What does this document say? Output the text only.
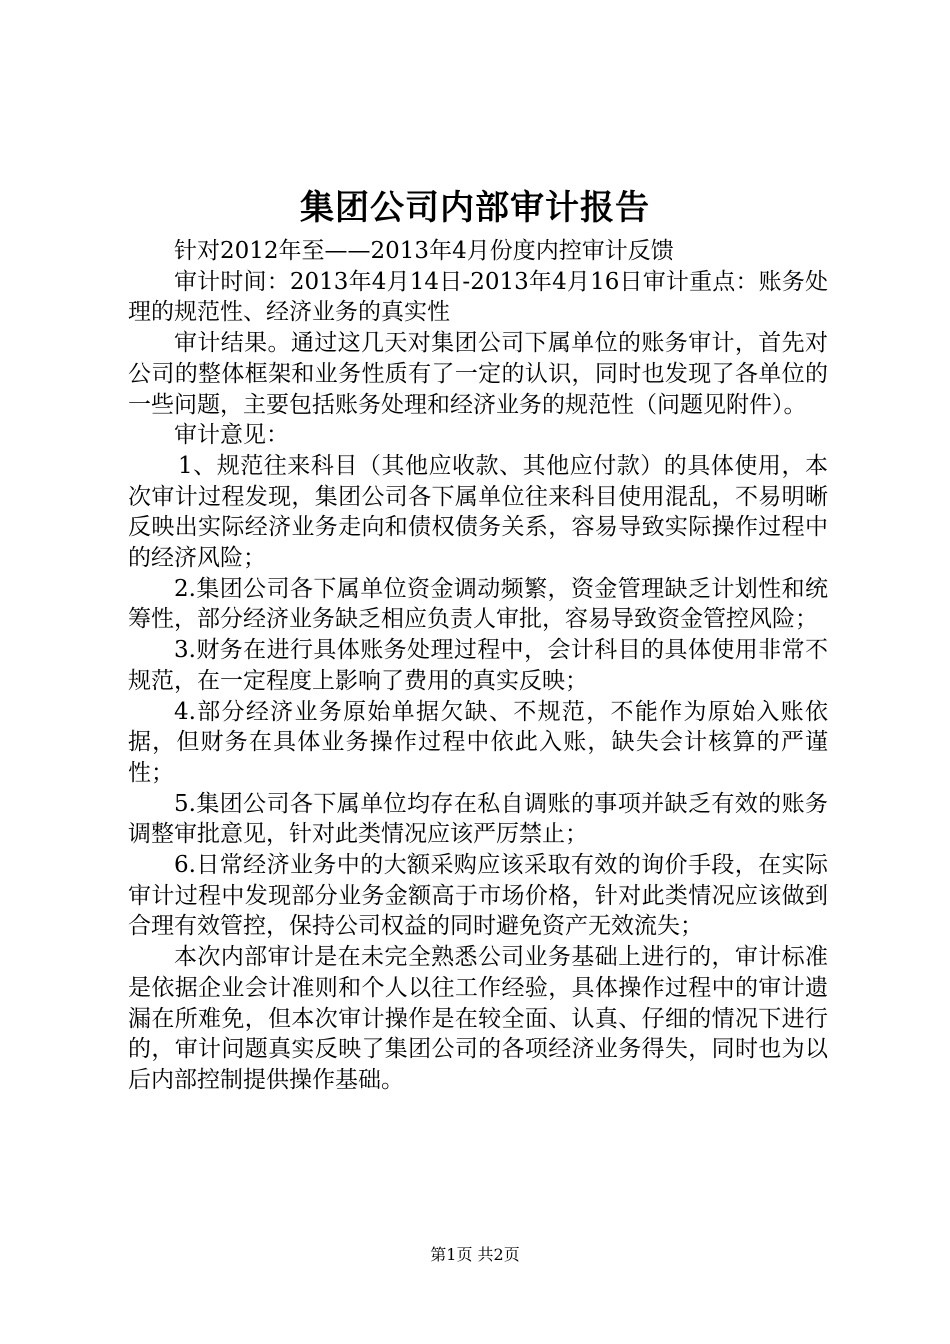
集团公司内部审计报告

针对2012年至——2013年4月份度内控审计反馈

审计时间：2013年4月14日-2013年4月16日审计重点：账务处理的规范性、经济业务的真实性

审计结果。通过这几天对集团公司下属单位的账务审计，首先对公司的整体框架和业务性质有了一定的认识，同时也发现了各单位的一些问题，主要包括账务处理和经济业务的规范性（问题见附件）。

审计意见：

1、规范往来科目（其他应收款、其他应付款）的具体使用，本次审计过程发现，集团公司各下属单位往来科目使用混乱，不易明晰反映出实际经济业务走向和债权债务关系，容易导致实际操作过程中的经济风险；

2.集团公司各下属单位资金调动频繁，资金管理缺乏计划性和统筹性，部分经济业务缺乏相应负责人审批，容易导致资金管控风险；

3.财务在进行具体账务处理过程中，会计科目的具体使用非常不规范，在一定程度上影响了费用的真实反映；

4.部分经济业务原始单据欠缺、不规范，不能作为原始入账依据，但财务在具体业务操作过程中依此入账，缺失会计核算的严谨性；

5.集团公司各下属单位均存在私自调账的事项并缺乏有效的账务调整审批意见，针对此类情况应该严厉禁止；

6.日常经济业务中的大额采购应该采取有效的询价手段，在实际审计过程中发现部分业务金额高于市场价格，针对此类情况应该做到合理有效管控，保持公司权益的同时避免资产无效流失；

本次内部审计是在未完全熟悉公司业务基础上进行的，审计标准是依据企业会计准则和个人以往工作经验，具体操作过程中的审计遗漏在所难免，但本次审计操作是在较全面、认真、仔细的情况下进行的，审计问题真实反映了集团公司的各项经济业务得失，同时也为以后内部控制提供操作基础。

第1页 共2页
